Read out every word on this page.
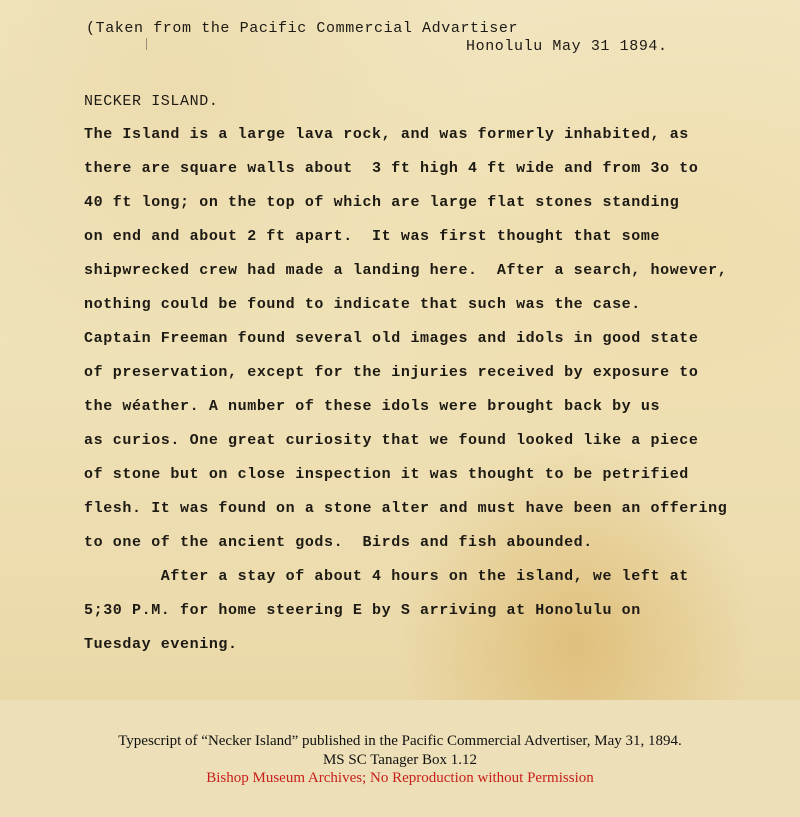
(Taken from the Pacific Commercial Advartiser
Honolulu May 31 1894.
NECKER ISLAND.
The Island is a large lava rock, and was formerly inhabited, as
there are square walls about  3 ft high 4 ft wide and from 3o to
40 ft long; on the top of which are large flat stones standing
on end and about 2 ft apart.  It was first thought that some
shipwrecked crew had made a landing here.  After a search, however,
nothing could be found to indicate that such was the case.
Captain Freeman found several old images and idols in good state
of preservation, except for the injuries received by exposure to
the wéather. A number of these idols were brought back by us
as curios. One great curiosity that we found looked like a piece
of stone but on close inspection it was thought to be petrified
flesh. It was found on a stone alter and must have been an offering
to one of the ancient gods.  Birds and fish abounded.
After a stay of about 4 hours on the island, we left at
5;30 P.M. for home steering E by S arriving at Honolulu on
Tuesday evening.
Typescript of “Necker Island” published in the Pacific Commercial Advertiser, May 31, 1894.
MS SC Tanager Box 1.12
Bishop Museum Archives; No Reproduction without Permission
